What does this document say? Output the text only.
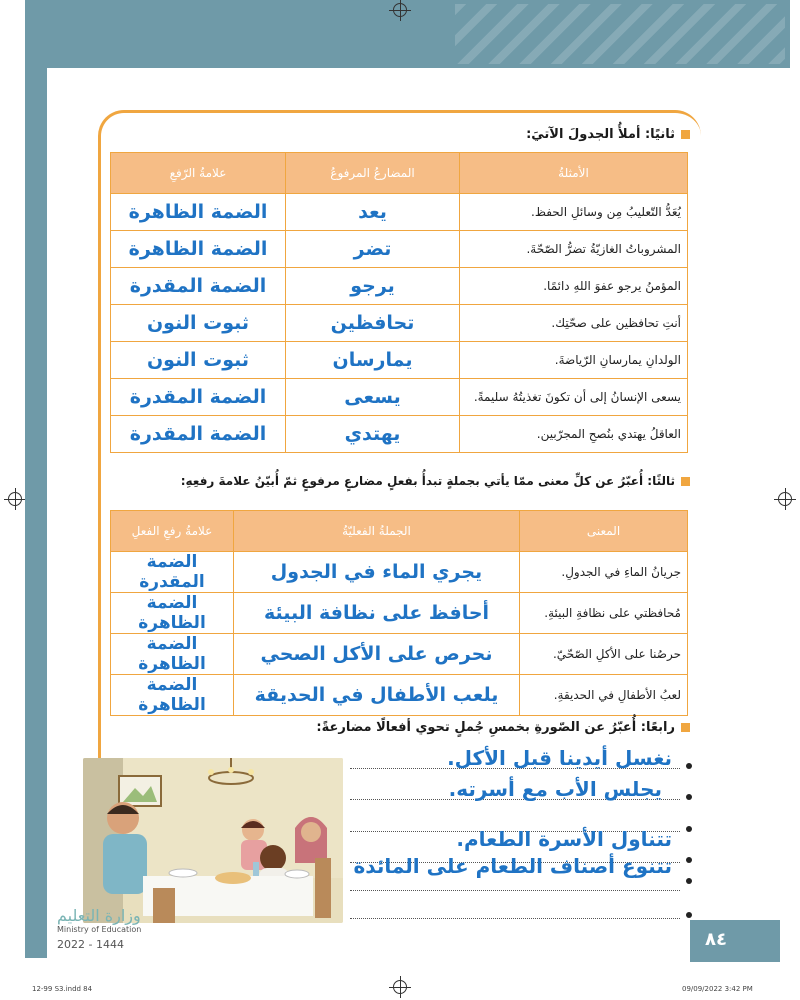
ثانيًا: أملأُ الجدولَ الآتيَ:
الأمثلةُ	المضارعُ المرفوعُ	علامةُ الرّفعِ
يُعَدُّ التّعليبُ مِن وسائلِ الحفظ.	يعد	الضمة الظاهرة
المشروباتُ الغازيّةُ تضرُّ الصّحّةَ.	تضر	الضمة الظاهرة
المؤمنُ يرجو عفوَ اللهِ دائمًا.	يرجو	الضمة المقدرة
أنتِ تحافظين على صحّتِك.	تحافظين	ثبوت النون
الولدانِ يمارسانِ الرّياضةَ.	يمارسان	ثبوت النون
يسعى الإنسانُ إلى أن تكونَ تغذيتُهُ سليمةً.	يسعى	الضمة المقدرة
العاقلُ يهتدي بنُصحِ المجرّبين.	يهتدي	الضمة المقدرة
ثالثًا: أُعبّرُ عن كلِّ معنى ممّا يأتي بجملةٍ تبدأُ بفعلٍ مضارعٍ مرفوعٍ ثمّ أُبيّنُ علامةَ رفعِهِ:
المعنى	الجملةُ الفعليّةُ	علامةُ رفعِ الفعلِ
جريانُ الماءِ في الجدولِ.	يجري الماء في الجدول	الضمة المقدرة
مُحافظتي على نظافةِ البيئةِ.	أحافظ على نظافة البيئة	الضمة الظاهرة
حرصُنا على الأكلِ الصّحّيّ.	نحرص على الأكل الصحي	الضمة الظاهرة
لعبُ الأطفالِ في الحديقةِ.	يلعب الأطفال في الحديقة	الضمة الظاهرة
رابعًا: أُعبّرُ عن الصّورةِ بخمسِ جُملٍ تحوي أفعالًا مضارعةً:
نغسل أيدينا قبل الأكل.
يجلس الأب مع أسرته.
تتناول الأسرة الطعام.
تتنوع أصناف الطعام على المائدة
وزارة التعليم
Ministry of Education
2022 - 1444	٨٤
12-99 S3.indd 84	09/09/2022 3:42 PM
